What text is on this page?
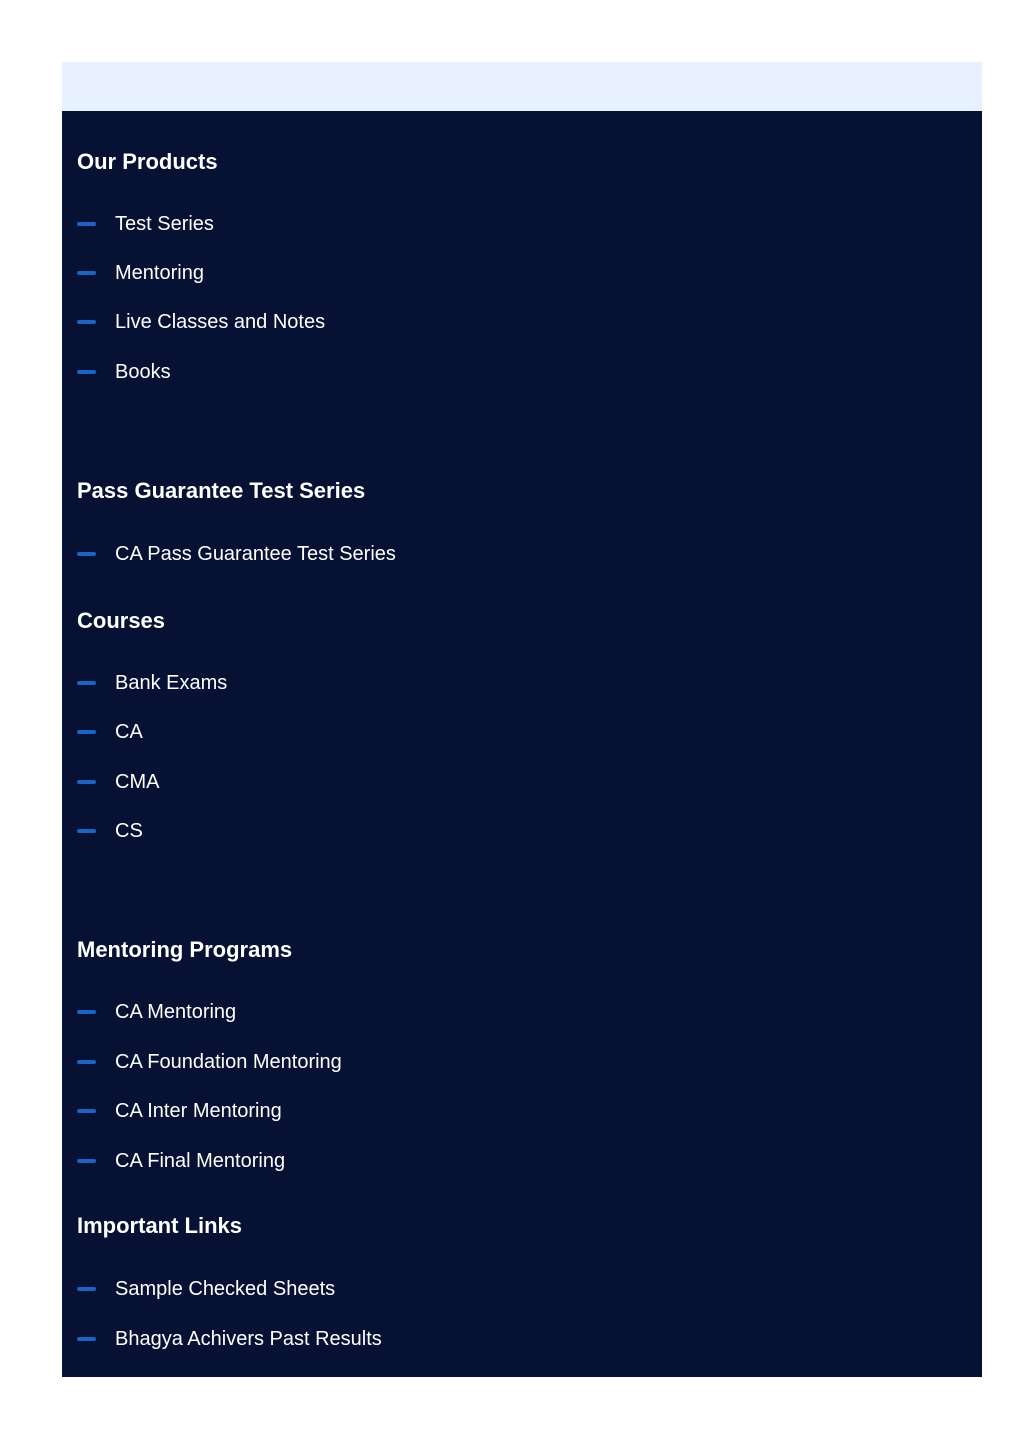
Our Products
Test Series
Mentoring
Live Classes and Notes
Books
Pass Guarantee Test Series
CA Pass Guarantee Test Series
Courses
Bank Exams
CA
CMA
CS
Mentoring Programs
CA Mentoring
CA Foundation Mentoring
CA Inter Mentoring
CA Final Mentoring
Important Links
Sample Checked Sheets
Bhagya Achivers Past Results
